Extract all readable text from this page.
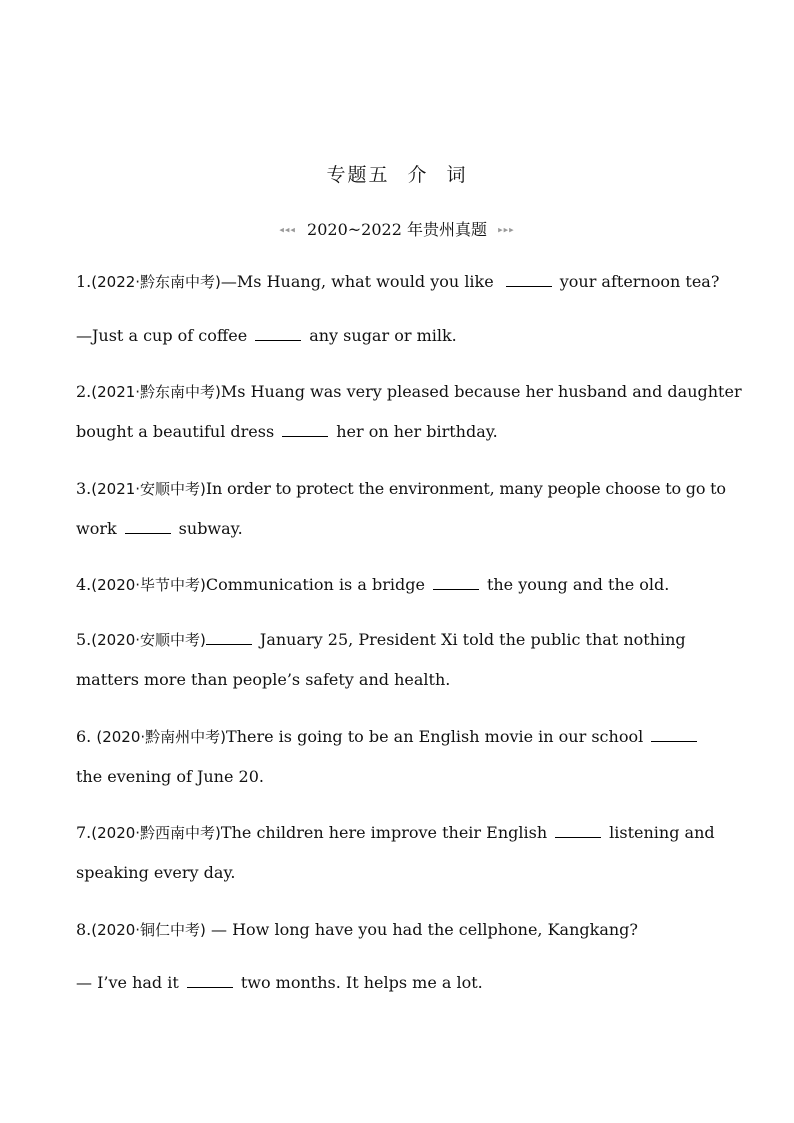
专题五 介 词
◂◂◂ 2020~2022 年贵州真题 ▸▸▸
1.(2022·黔东南中考)—Ms Huang, what would you like	your afternoon tea?
—Just a cup of coffee	any sugar or milk.
2.(2021·黔东南中考)Ms Huang was very pleased because her husband and daughter
bought a beautiful dress	her on her birthday.
3.(2021·安顺中考)In order to protect the environment, many people choose to go to
work	subway.
4.(2020·毕节中考)Communication is a bridge	the young and the old.
5.(2020·安顺中考)	January 25, President Xi told the public that nothing
matters more than people’s safety and health.
6. (2020·黔南州中考)There is going to be an English movie in our school
the evening of June 20.
7.(2020·黔西南中考)The children here improve their English	listening and
speaking every day.
8.(2020·铜仁中考) — How long have you had the cellphone, Kangkang?
— I’ve had it	two months. It helps me a lot.
